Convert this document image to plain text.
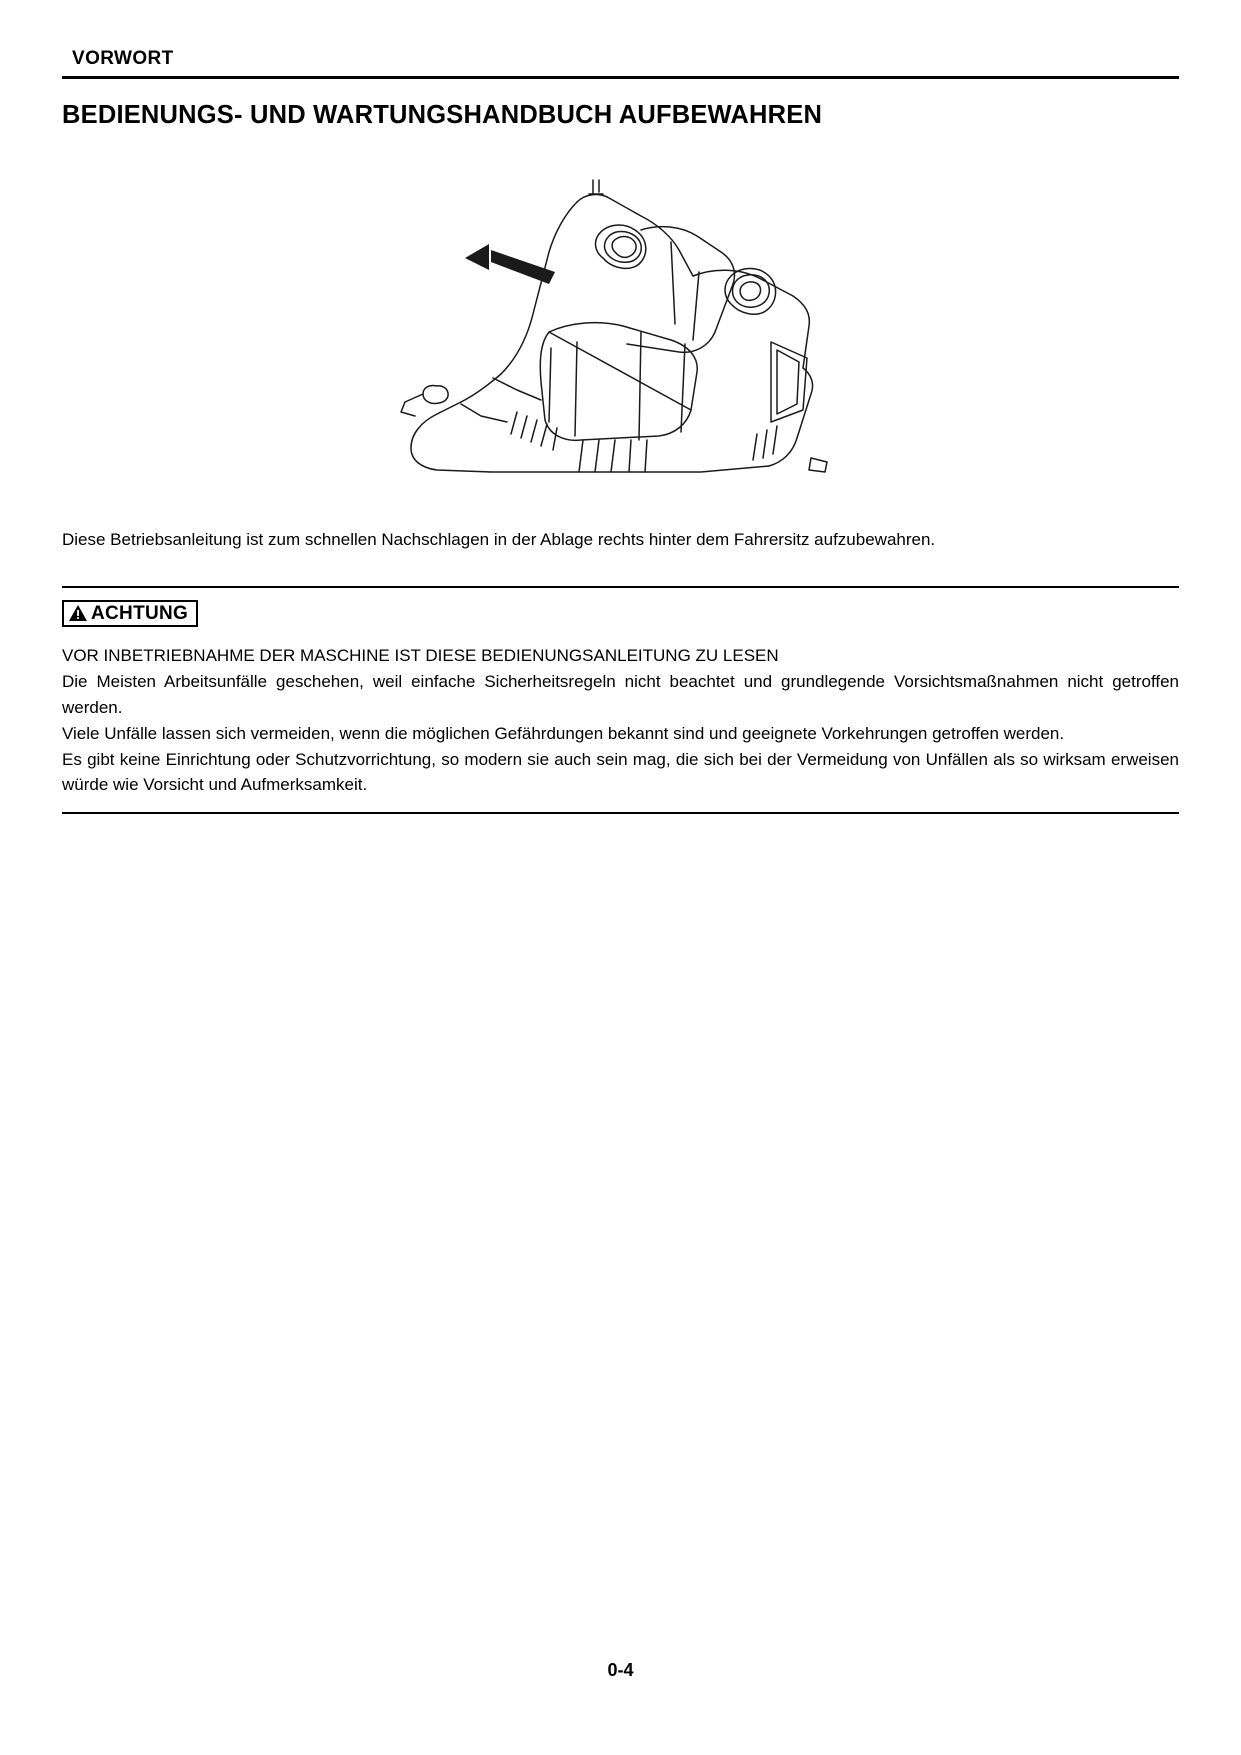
VORWORT
BEDIENUNGS- UND WARTUNGSHANDBUCH AUFBEWAHREN
Diese Betriebsanleitung ist zum schnellen Nachschlagen in der Ablage rechts hinter dem Fahrersitz aufzubewahren.
ACHTUNG

VOR INBETRIEBNAHME DER MASCHINE IST DIESE BEDIENUNGSANLEITUNG ZU LESEN

Die Meisten Arbeitsunfälle geschehen, weil einfache Sicherheitsregeln nicht beachtet und grundlegende Vorsichtsmaßnahmen nicht getroffen werden.

Viele Unfälle lassen sich vermeiden, wenn die möglichen Gefährdungen bekannt sind und geeignete Vorkehrungen getroffen werden.

Es gibt keine Einrichtung oder Schutzvorrichtung, so modern sie auch sein mag, die sich bei der Vermeidung von Unfällen als so wirksam erweisen würde wie Vorsicht und Aufmerksamkeit.

0-4
